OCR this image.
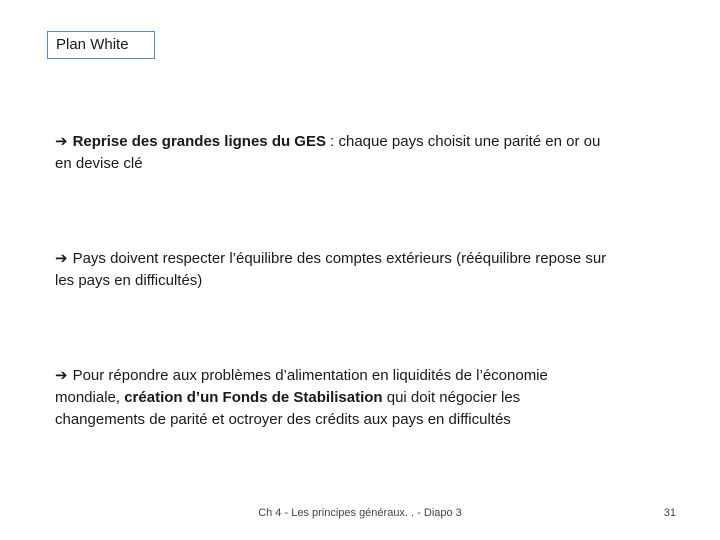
Plan White
➔ Reprise des grandes lignes du GES : chaque pays choisit une parité en or ou en devise clé
➔ Pays doivent respecter l’équilibre des comptes extérieurs (rééquilibre repose sur les pays en difficultés)
➔ Pour répondre aux problèmes d’alimentation en liquidités de l’économie mondiale, création d’un Fonds de Stabilisation qui doit négocier les changements de parité et octroyer des crédits aux pays en difficultés
Ch 4 - Les principes généraux. . - Diapo 3	31
